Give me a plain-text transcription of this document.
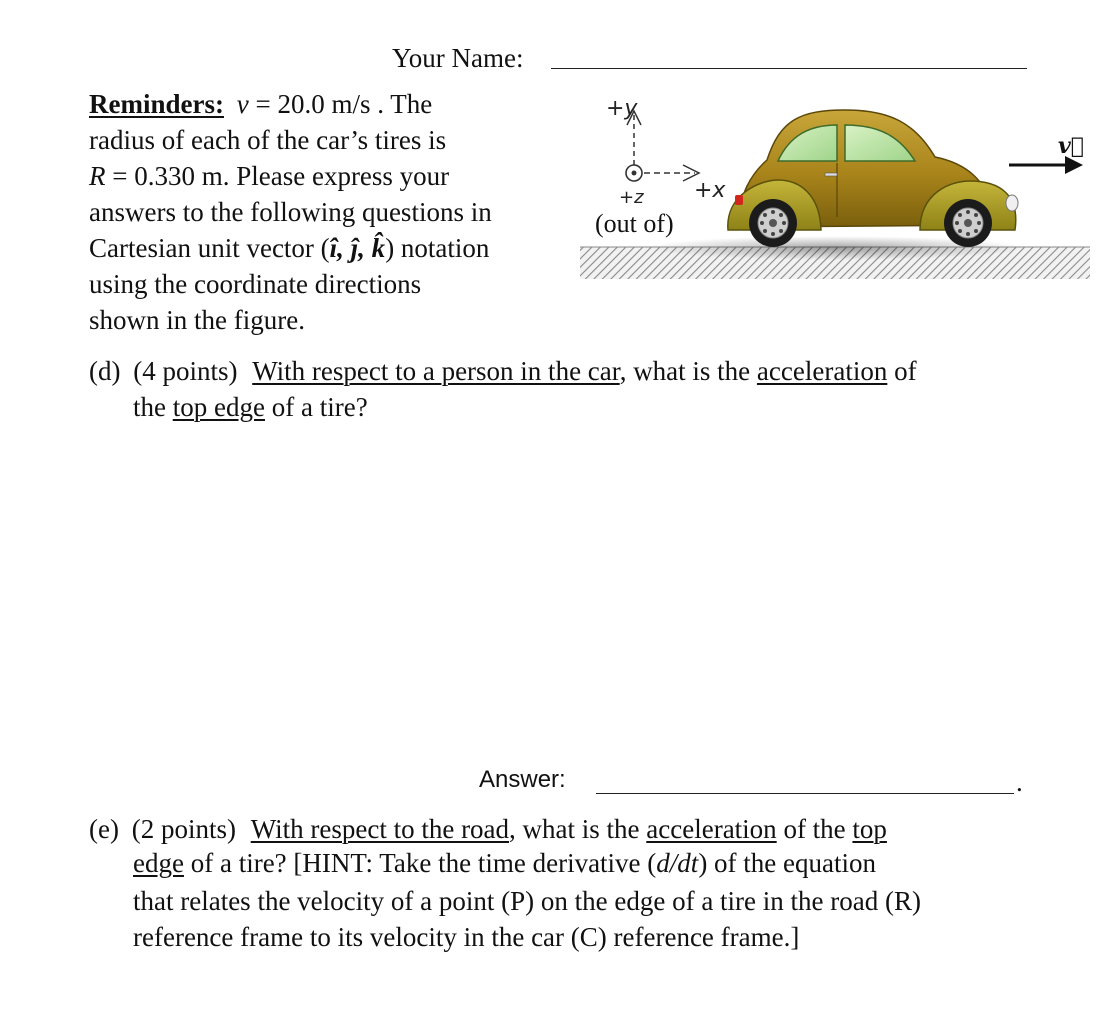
Your Name:
Reminders: v = 20.0 m/s . The
radius of each of the car’s tires is
R = 0.330 m. Please express your
answers to the following questions in
Cartesian unit vector (î, ĵ, k̂) notation
using the coordinate directions
shown in the figure.
+y
+z +x
(out of)
v⃗
(d) (4 points) With respect to a person in the car, what is the acceleration of
the top edge of a tire?
Answer:	.
(e) (2 points) With respect to the road, what is the acceleration of the top
edge of a tire? [HINT: Take the time derivative (d/dt) of the equation
that relates the velocity of a point (P) on the edge of a tire in the road (R)
reference frame to its velocity in the car (C) reference frame.]
